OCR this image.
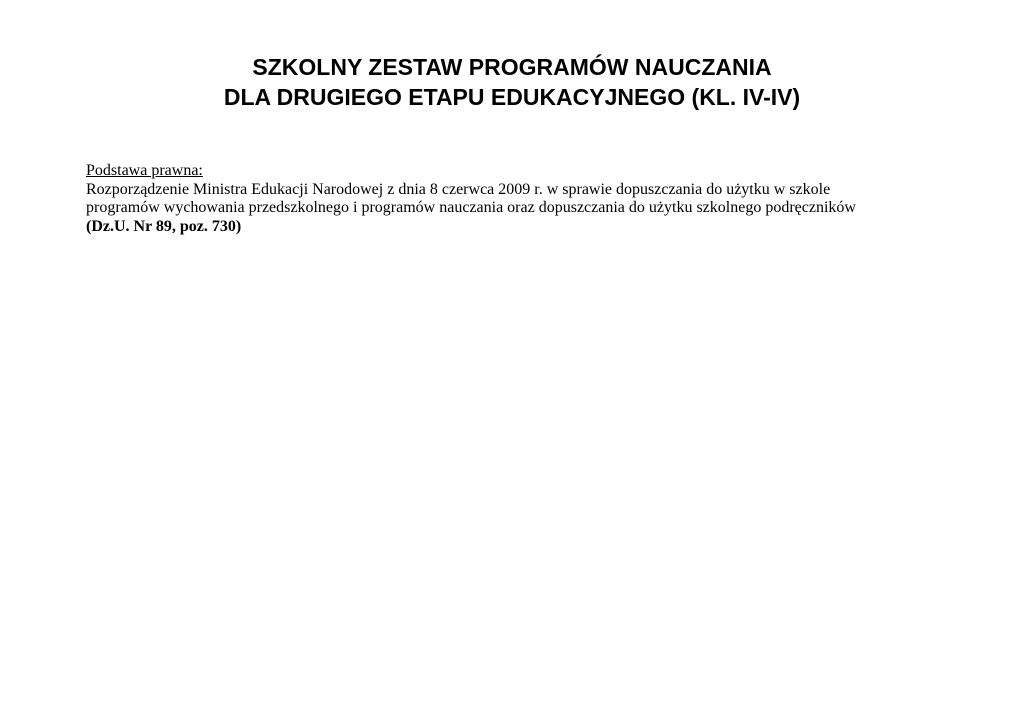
SZKOLNY ZESTAW PROGRAMÓW NAUCZANIA
DLA DRUGIEGO ETAPU EDUKACYJNEGO (KL. IV-IV)
Podstawa prawna:
Rozporządzenie Ministra Edukacji Narodowej z dnia 8 czerwca 2009 r. w sprawie dopuszczania do użytku w szkole
programów wychowania przedszkolnego i programów nauczania oraz dopuszczania do użytku szkolnego podręczników
(Dz.U. Nr 89, poz. 730)
